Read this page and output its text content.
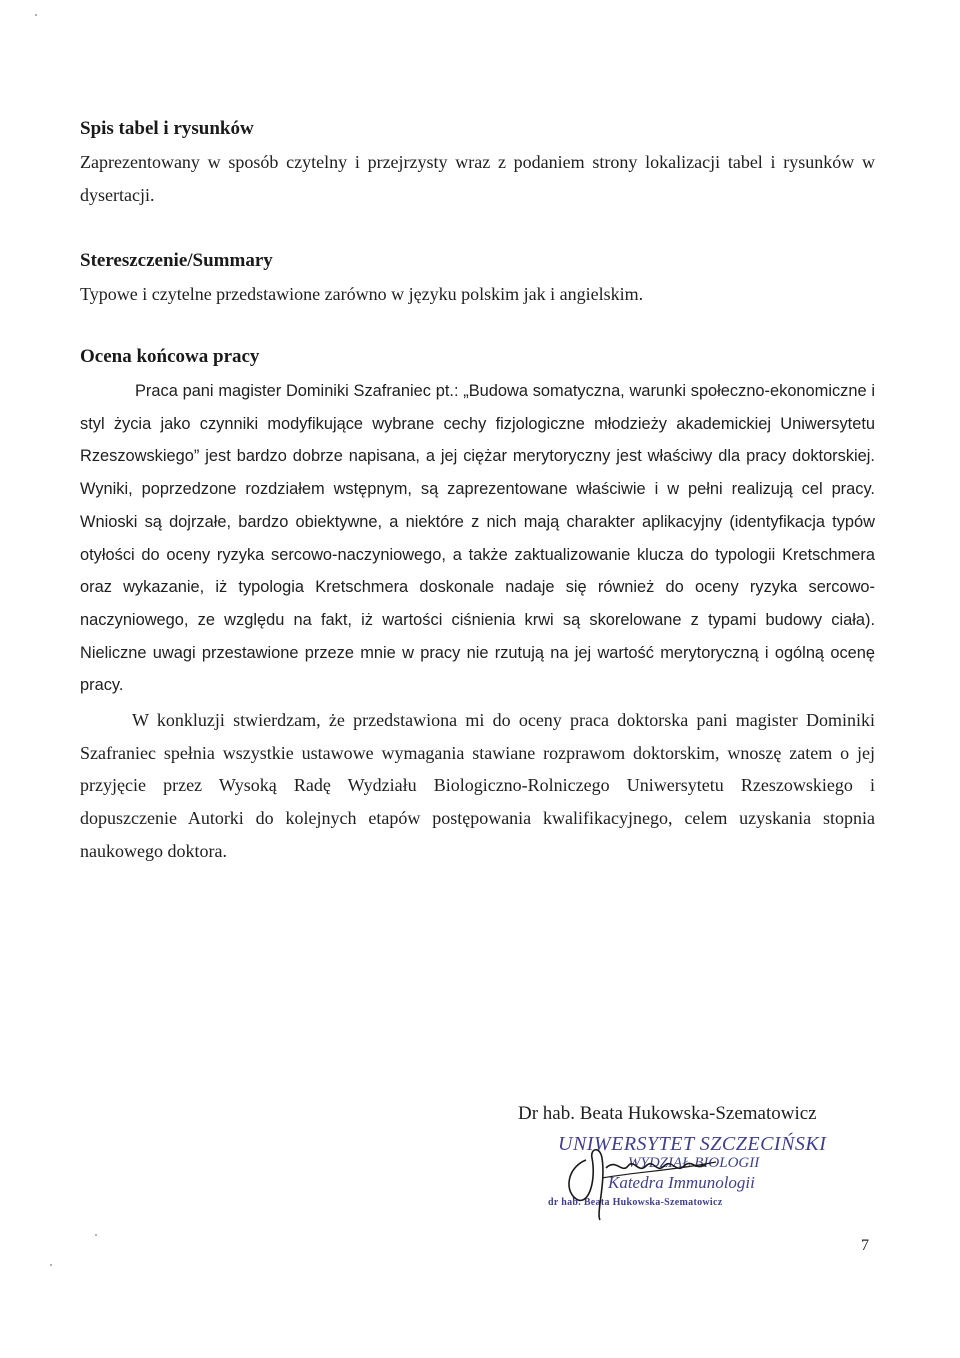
Spis tabel i rysunków

Zaprezentowany w sposób czytelny i przejrzysty wraz z podaniem strony lokalizacji tabel i rysunków w dysertacji.

Stereszczenie/Summary

Typowe i czytelne przedstawione zarówno w języku polskim jak i angielskim.

Ocena końcowa pracy

Praca pani magister Dominiki Szafraniec pt.: „Budowa somatyczna, warunki społeczno-ekonomiczne i styl życia jako czynniki modyfikujące wybrane cechy fizjologiczne młodzieży akademickiej Uniwersytetu Rzeszowskiego” jest bardzo dobrze napisana, a jej ciężar merytoryczny jest właściwy dla pracy doktorskiej. Wyniki, poprzedzone rozdziałem wstępnym, są zaprezentowane właściwie i w pełni realizują cel pracy. Wnioski są dojrzałe, bardzo obiektywne, a niektóre z nich mają charakter aplikacyjny (identyfikacja typów otyłości do oceny ryzyka sercowo-naczyniowego, a także zaktualizowanie klucza do typologii Kretschmera oraz wykazanie, iż typologia Kretschmera doskonale nadaje się również do oceny ryzyka sercowo-naczyniowego, ze względu na fakt, iż wartości ciśnienia krwi są skorelowane z typami budowy ciała). Nieliczne uwagi przestawione przeze mnie w pracy nie rzutują na jej wartość merytoryczną i ogólną ocenę pracy.

W konkluzji stwierdzam, że przedstawiona mi do oceny praca doktorska pani magister Dominiki Szafraniec spełnia wszystkie ustawowe wymagania stawiane rozprawom doktorskim, wnoszę zatem o jej przyjęcie przez Wysoką Radę Wydziału Biologiczno-Rolniczego Uniwersytetu Rzeszowskiego i dopuszczenie Autorki do kolejnych etapów postępowania kwalifikacyjnego, celem uzyskania stopnia naukowego doktora.

Dr hab. Beata Hukowska-Szematowicz
UNIWERSYTET SZCZECIŃSKI
WYDZIAŁ BIOLOGII
Katedra Immunologii
dr hab. Beata Hukowska-Szematowicz
7
